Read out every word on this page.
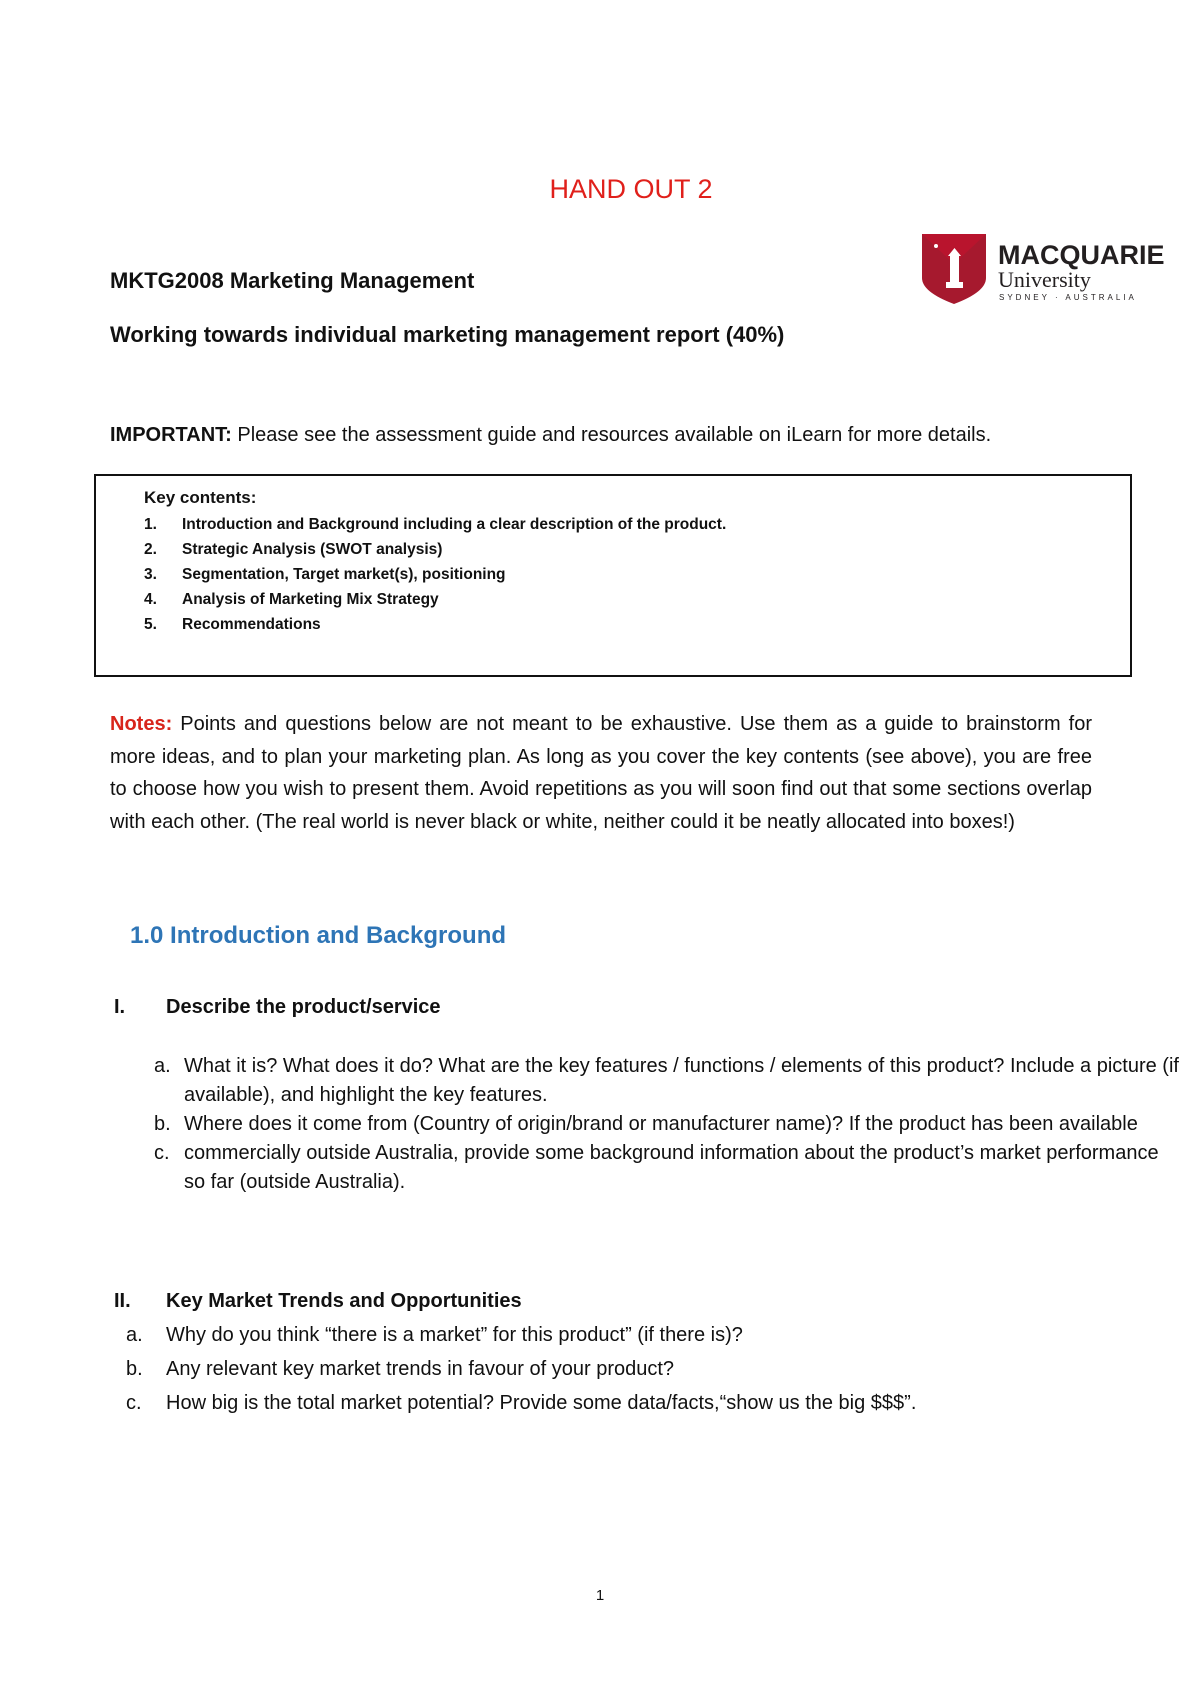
HAND OUT 2
MKTG2008 Marketing Management
Working towards individual marketing management report (40%)
MACQUARIE
University
SYDNEY · AUSTRALIA
IMPORTANT: Please see the assessment guide and resources available on iLearn for more details.
Key contents:
1. Introduction and Background including a clear description of the product.
2. Strategic Analysis (SWOT analysis)
3. Segmentation, Target market(s), positioning
4. Analysis of Marketing Mix Strategy
5. Recommendations
Notes: Points and questions below are not meant to be exhaustive. Use them as a guide to brainstorm for more ideas, and to plan your marketing plan. As long as you cover the key contents (see above), you are free to choose how you wish to present them. Avoid repetitions as you will soon find out that some sections overlap with each other. (The real world is never black or white, neither could it be neatly allocated into boxes!)
1.0 Introduction and Background
I. Describe the product/service
a. What it is? What does it do? What are the key features / functions / elements of this product? Include a picture (if available), and highlight the key features.
b. Where does it come from (Country of origin/brand or manufacturer name)? If the product has been available
c. commercially outside Australia, provide some background information about the product’s market performance so far (outside Australia).
II. Key Market Trends and Opportunities
a. Why do you think “there is a market” for this product” (if there is)?
b. Any relevant key market trends in favour of your product?
c. How big is the total market potential? Provide some data/facts,“show us the big $$$”.
1
